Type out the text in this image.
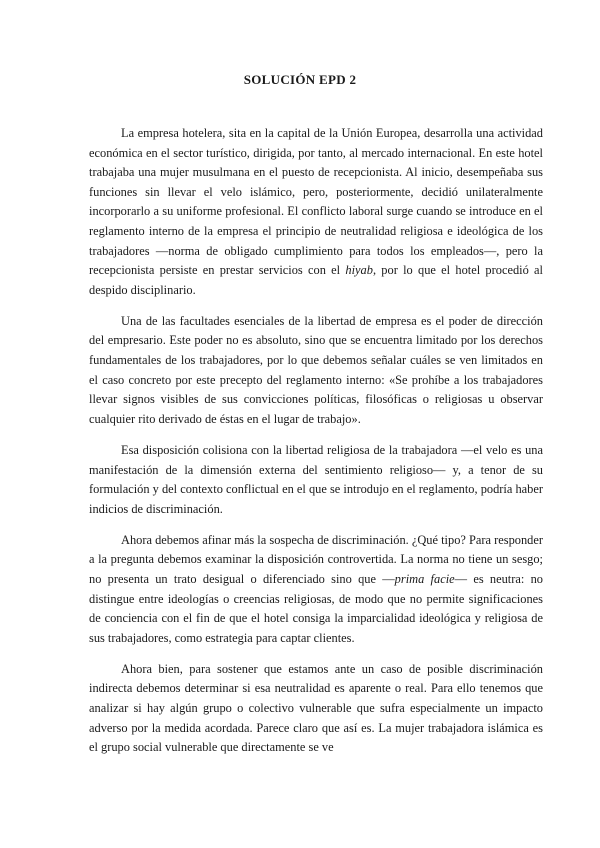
SOLUCIÓN EPD 2

La empresa hotelera, sita en la capital de la Unión Europea, desarrolla una actividad económica en el sector turístico, dirigida, por tanto, al mercado internacional. En este hotel trabajaba una mujer musulmana en el puesto de recepcionista. Al inicio, desempeñaba sus funciones sin llevar el velo islámico, pero, posteriormente, decidió unilateralmente incorporarlo a su uniforme profesional. El conflicto laboral surge cuando se introduce en el reglamento interno de la empresa el principio de neutralidad religiosa e ideológica de los trabajadores —norma de obligado cumplimiento para todos los empleados—, pero la recepcionista persiste en prestar servicios con el hiyab, por lo que el hotel procedió al despido disciplinario.

Una de las facultades esenciales de la libertad de empresa es el poder de dirección del empresario. Este poder no es absoluto, sino que se encuentra limitado por los derechos fundamentales de los trabajadores, por lo que debemos señalar cuáles se ven limitados en el caso concreto por este precepto del reglamento interno: «Se prohíbe a los trabajadores llevar signos visibles de sus convicciones políticas, filosóficas o religiosas u observar cualquier rito derivado de éstas en el lugar de trabajo».

Esa disposición colisiona con la libertad religiosa de la trabajadora —el velo es una manifestación de la dimensión externa del sentimiento religioso— y, a tenor de su formulación y del contexto conflictual en el que se introdujo en el reglamento, podría haber indicios de discriminación.

Ahora debemos afinar más la sospecha de discriminación. ¿Qué tipo? Para responder a la pregunta debemos examinar la disposición controvertida. La norma no tiene un sesgo; no presenta un trato desigual o diferenciado sino que —prima facie— es neutra: no distingue entre ideologías o creencias religiosas, de modo que no permite significaciones de conciencia con el fin de que el hotel consiga la imparcialidad ideológica y religiosa de sus trabajadores, como estrategia para captar clientes.

Ahora bien, para sostener que estamos ante un caso de posible discriminación indirecta debemos determinar si esa neutralidad es aparente o real. Para ello tenemos que analizar si hay algún grupo o colectivo vulnerable que sufra especialmente un impacto adverso por la medida acordada. Parece claro que así es. La mujer trabajadora islámica es el grupo social vulnerable que directamente se ve
